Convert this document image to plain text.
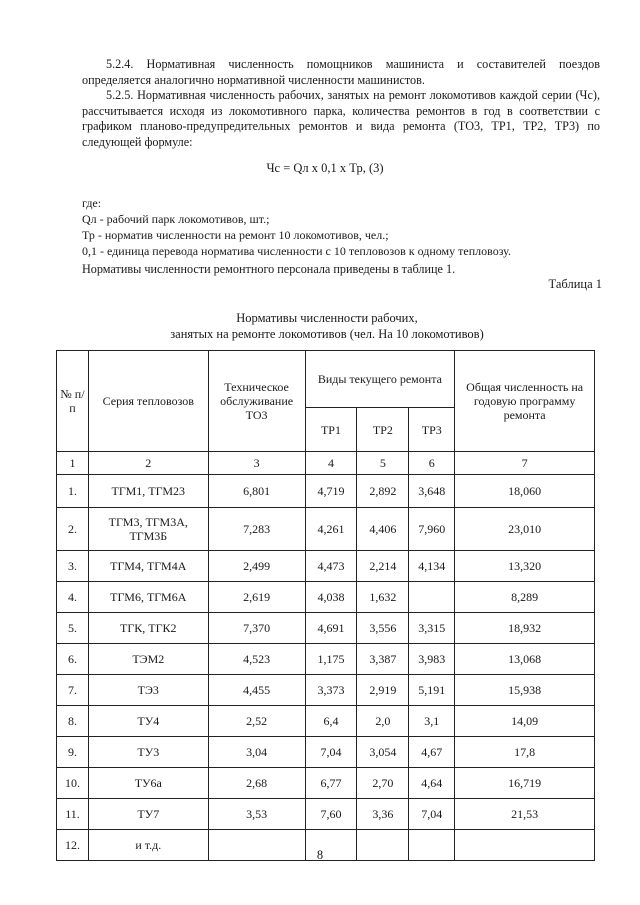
5.2.4. Нормативная численность помощников машиниста и составителей поездов определяется аналогично нормативной численности машинистов.

5.2.5. Нормативная численность рабочих, занятых на ремонт локомотивов каждой серии (Чс), рассчитывается исходя из локомотивного парка, количества ремонтов в год в соответствии с графиком планово-предупредительных ремонтов и вида ремонта (ТО3, ТР1, ТР2, ТР3) по следующей формуле:

Чс = Qл х 0,1 х Тр, (3)
где:
Qл - рабочий парк локомотивов, шт.;
Тр - норматив численности на ремонт 10 локомотивов, чел.;
0,1 - единица перевода норматива численности с 10 тепловозов к одному тепловозу.

Нормативы численности ремонтного персонала приведены в таблице 1.

Таблица 1
Нормативы численности рабочих,
занятых на ремонте локомотивов (чел. На 10 локомотивов)
№ п/п	Серия тепловозов	Техническое обслуживание ТО3	Виды текущего ремонта			Общая численность на годовую программу ремонта
			ТР1	ТР2	ТР3	
1	2	3	4	5	6	7
1.	ТГМ1, ТГМ23	6,801	4,719	2,892	3,648	18,060
2.	ТГМ3, ТГМ3А, ТГМ3Б	7,283	4,261	4,406	7,960	23,010
3.	ТГМ4, ТГМ4А	2,499	4,473	2,214	4,134	13,320
4.	ТГМ6, ТГМ6А	2,619	4,038	1,632		8,289
5.	ТГК, ТГК2	7,370	4,691	3,556	3,315	18,932
6.	ТЭМ2	4,523	1,175	3,387	3,983	13,068
7.	ТЭ3	4,455	3,373	2,919	5,191	15,938
8.	ТУ4	2,52	6,4	2,0	3,1	14,09
9.	ТУ3	3,04	7,04	3,054	4,67	17,8
10.	ТУ6а	2,68	6,77	2,70	4,64	16,719
11.	ТУ7	3,53	7,60	3,36	7,04	21,53
12.	и т.д.					
8
